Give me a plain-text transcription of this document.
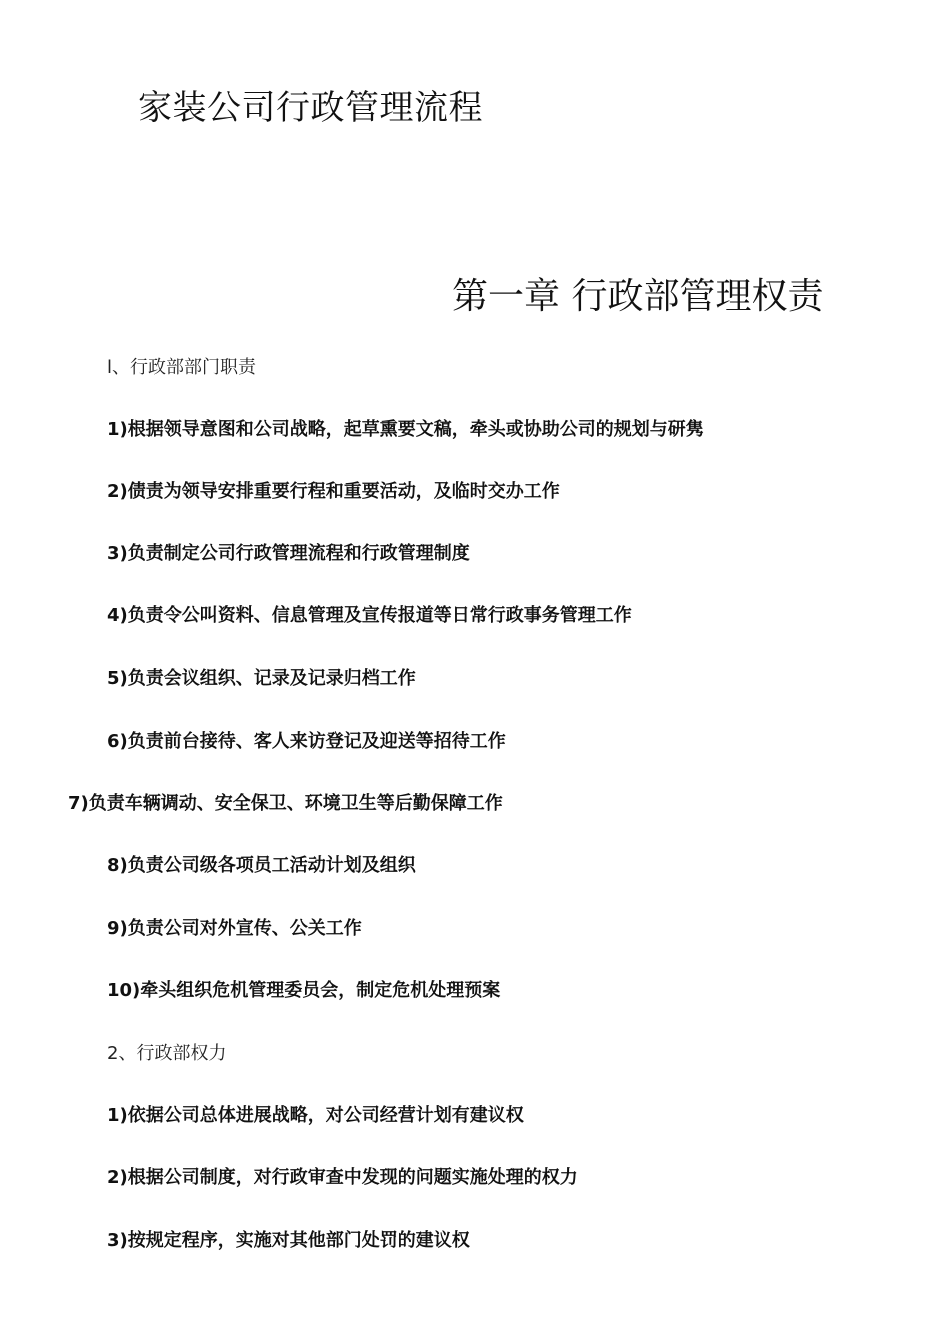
家装公司行政管理流程
第一章 行政部管理权责
l、行政部部门职责
1)根据领导意图和公司战略，起草熏要文稿，牵头或协助公司的规划与研隽
2)债责为领导安排重要行程和重要活动，及临时交办工作
3)负责制定公司行政管理流程和行政管理制度
4)负责令公叫资料、信息管理及宣传报道等日常行政事务管理工作
5)负责会议组织、记录及记录归档工作
6)负责前台接待、客人来访登记及迎送等招待工作
7)负责车辆调动、安全保卫、环境卫生等后勤保障工作
8)负责公司级各项员工活动计划及组织
9)负责公司对外宣传、公关工作
10)牵头组织危机管理委员会，制定危机处理预案
2、行政部权力
1)依据公司总体进展战略，对公司经营计划有建议权
2)根据公司制度，对行政审查中发现的问题实施处理的权力
3)按规定程序，实施对其他部门处罚的建议权
